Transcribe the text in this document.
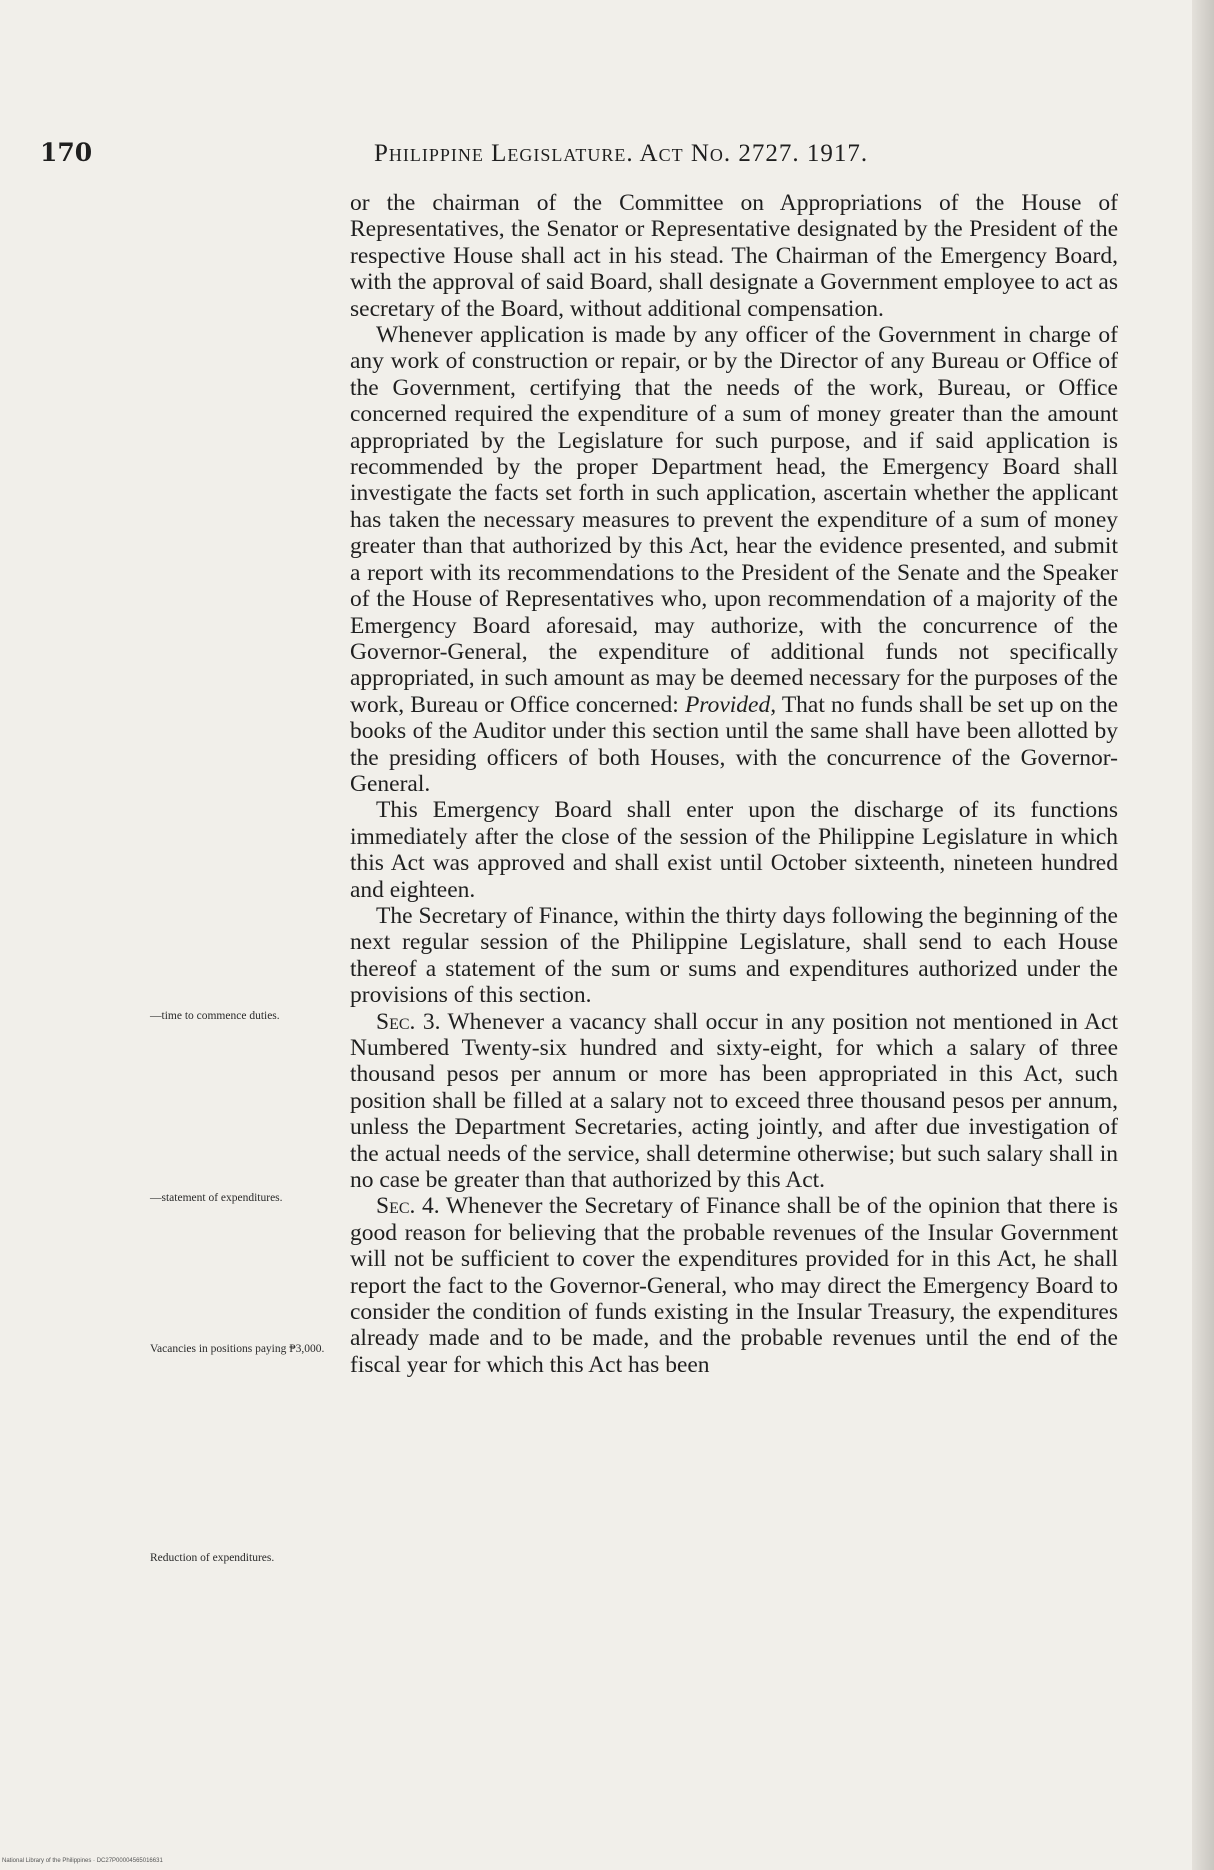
170	Philippine Legislature. Act No. 2727. 1917.

or the chairman of the Committee on Appropriations of the House of Representatives, the Senator or Representative designated by the President of the respective House shall act in his stead. The Chairman of the Emergency Board, with the approval of said Board, shall designate a Government employee to act as secretary of the Board, without additional compensation.

Whenever application is made by any officer of the Government in charge of any work of construction or repair, or by the Director of any Bureau or Office of the Government, certifying that the needs of the work, Bureau, or Office concerned required the expenditure of a sum of money greater than the amount appropriated by the Legislature for such purpose, and if said application is recommended by the proper Department head, the Emergency Board shall investigate the facts set forth in such application, ascertain whether the applicant has taken the necessary measures to prevent the expenditure of a sum of money greater than that authorized by this Act, hear the evidence presented, and submit a report with its recommendations to the President of the Senate and the Speaker of the House of Representatives who, upon recommendation of a majority of the Emergency Board aforesaid, may authorize, with the concurrence of the Governor-General, the expenditure of additional funds not specifically appropriated, in such amount as may be deemed necessary for the purposes of the work, Bureau or Office concerned: Provided, That no funds shall be set up on the books of the Auditor under this section until the same shall have been allotted by the presiding officers of both Houses, with the concurrence of the Governor-General.

This Emergency Board shall enter upon the discharge of its functions immediately after the close of the session of the Philippine Legislature in which this Act was approved and shall exist until October sixteenth, nineteen hundred and eighteen.

The Secretary of Finance, within the thirty days following the beginning of the next regular session of the Philippine Legislature, shall send to each House thereof a statement of the sum or sums and expenditures authorized under the provisions of this section.

Sec. 3. Whenever a vacancy shall occur in any position not mentioned in Act Numbered Twenty-six hundred and sixty-eight, for which a salary of three thousand pesos per annum or more has been appropriated in this Act, such position shall be filled at a salary not to exceed three thousand pesos per annum, unless the Department Secretaries, acting jointly, and after due investigation of the actual needs of the service, shall determine otherwise; but such salary shall in no case be greater than that authorized by this Act.

Sec. 4. Whenever the Secretary of Finance shall be of the opinion that there is good reason for believing that the probable revenues of the Insular Government will not be sufficient to cover the expenditures provided for in this Act, he shall report the fact to the Governor-General, who may direct the Emergency Board to consider the condition of funds existing in the Insular Treasury, the expenditures already made and to be made, and the probable revenues until the end of the fiscal year for which this Act has been

—time to commence duties.
—statement of expenditures.
Vacancies in positions paying ₱3,000.
Reduction of expenditures.
National Library of the Philippines · DC27P00004565016631
